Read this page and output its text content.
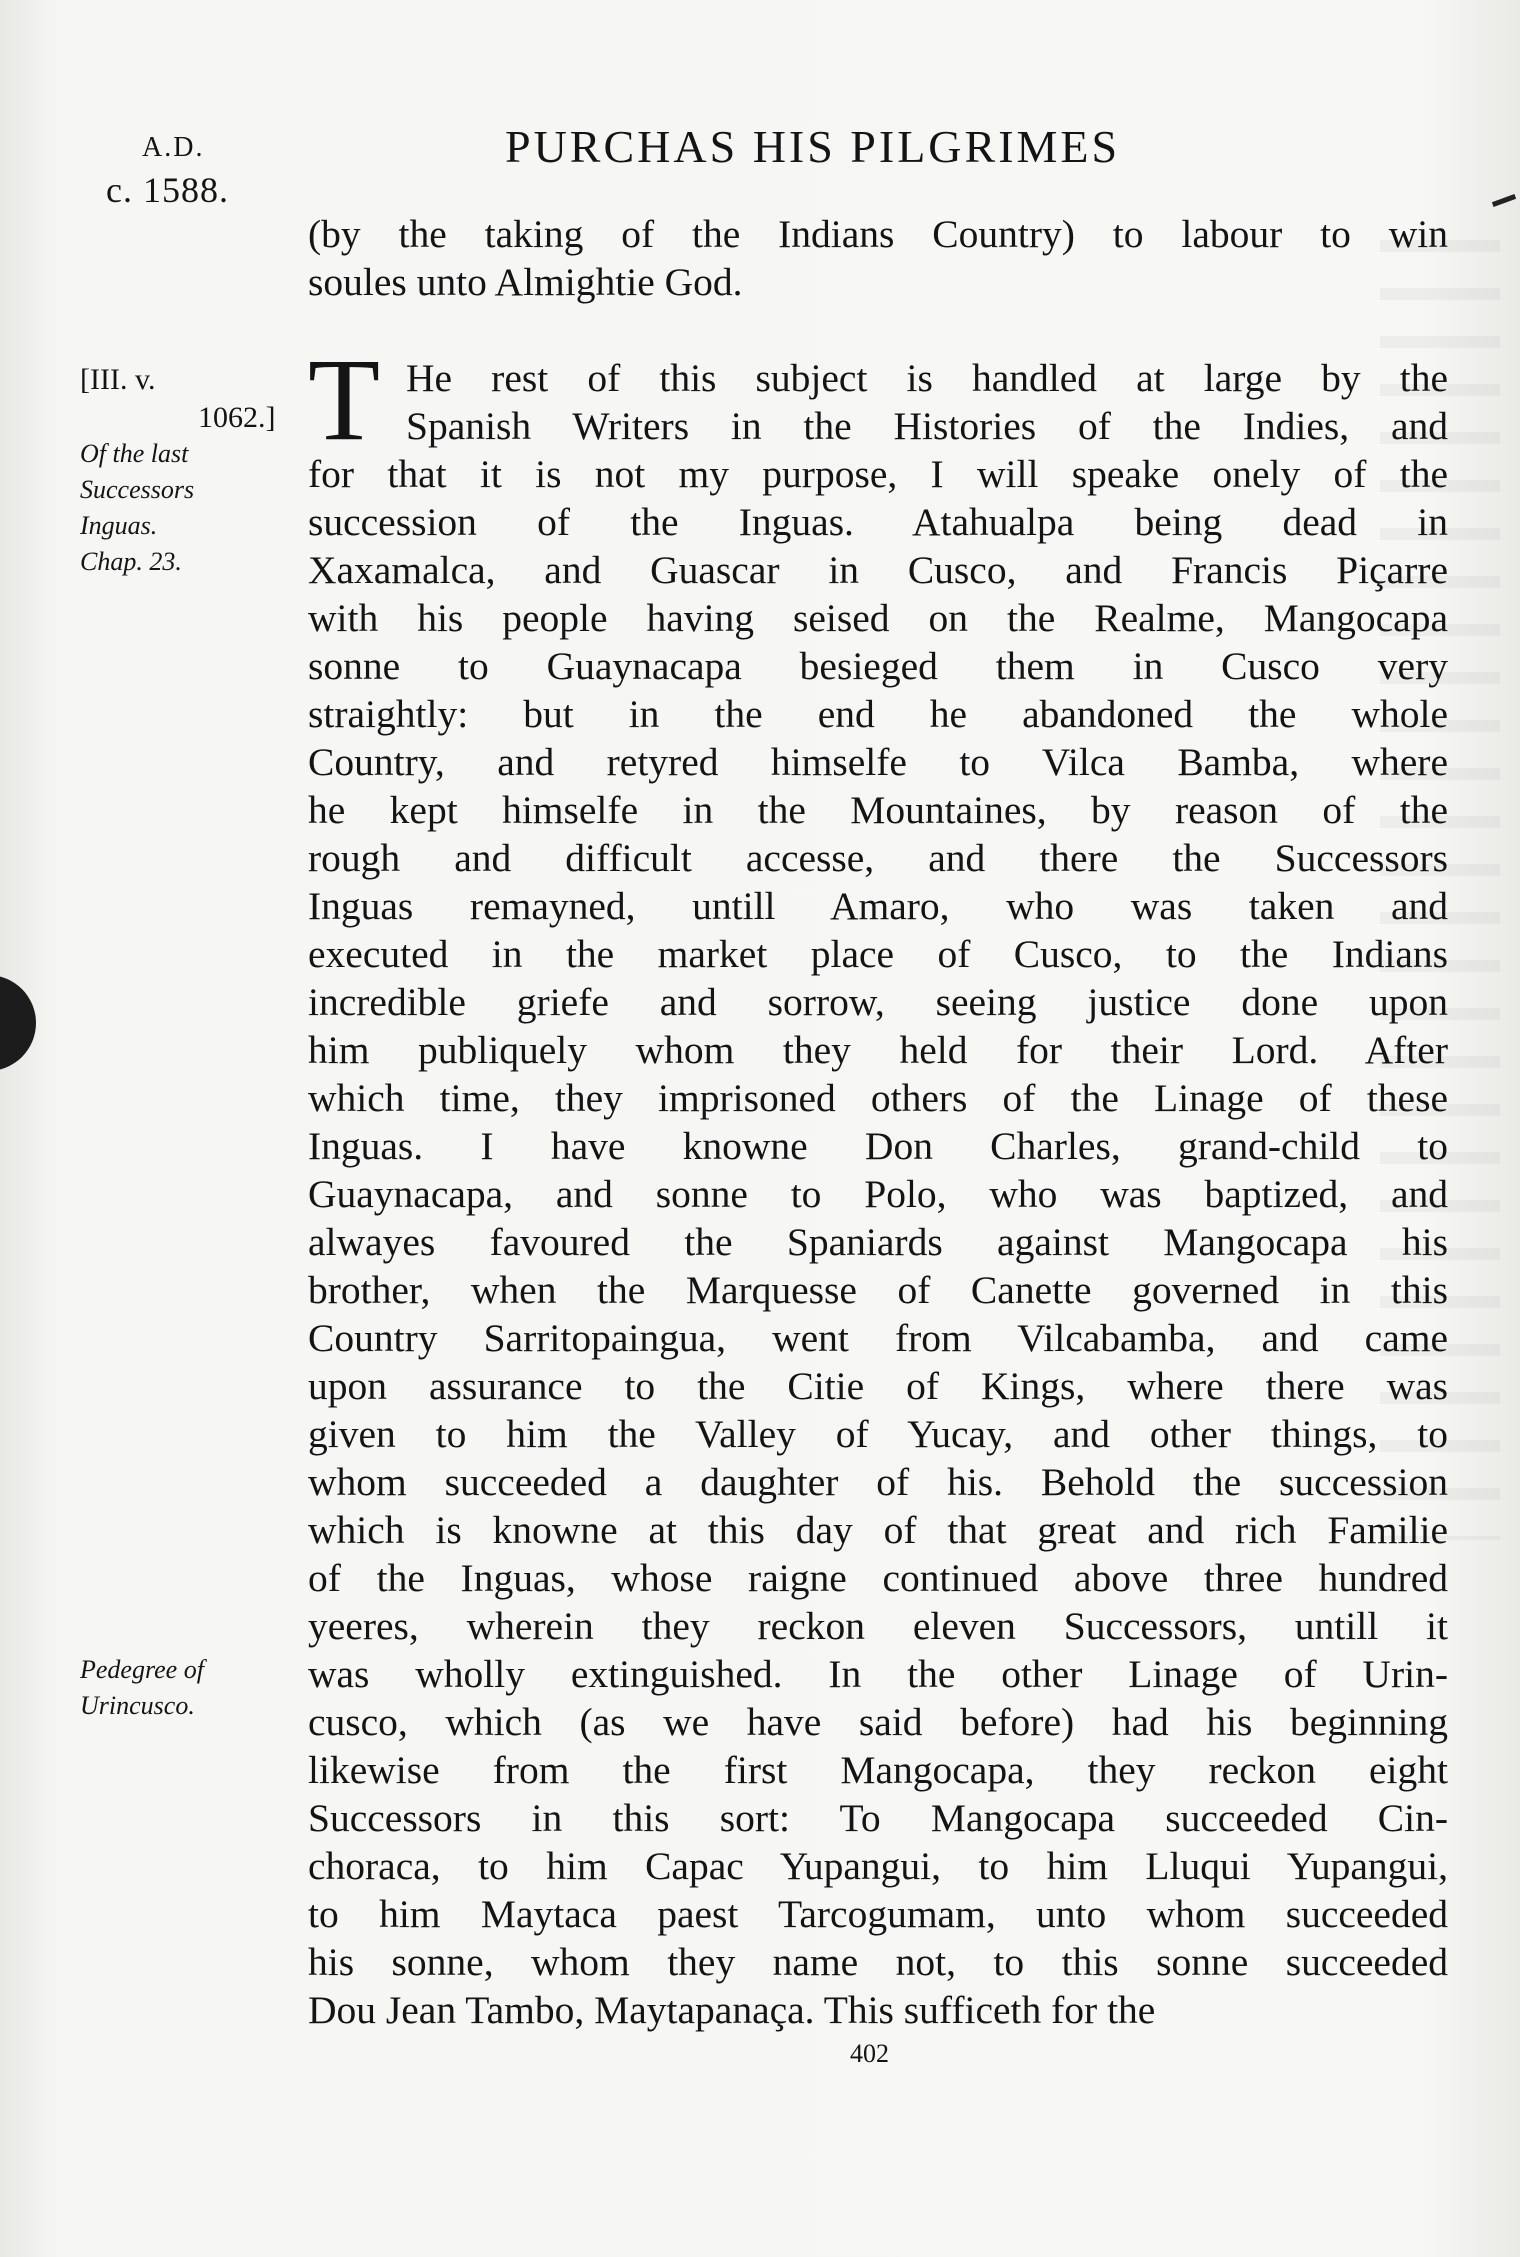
A.D.
c. 1588.
PURCHAS HIS PILGRIMES
(by the taking of the Indians Country) to labour to win
soules unto Almightie God.
[III. v.
1062.]
Of the last
Successors
Inguas.
Chap. 23.
Pedegree of
Urincusco.
T He rest of this subject is handled at large by the
Spanish Writers in the Histories of the Indies, and
for that it is not my purpose, I will speake onely of the
succession of the Inguas. Atahualpa being dead in
Xaxamalca, and Guascar in Cusco, and Francis Piçarre
with his people having seised on the Realme, Mangocapa
sonne to Guaynacapa besieged them in Cusco very
straightly: but in the end he abandoned the whole
Country, and retyred himselfe to Vilca Bamba, where
he kept himselfe in the Mountaines, by reason of the
rough and difficult accesse, and there the Successors
Inguas remayned, untill Amaro, who was taken and
executed in the market place of Cusco, to the Indians
incredible griefe and sorrow, seeing justice done upon
him publiquely whom they held for their Lord. After
which time, they imprisoned others of the Linage of these
Inguas. I have knowne Don Charles, grand-child to
Guaynacapa, and sonne to Polo, who was baptized, and
alwayes favoured the Spaniards against Mangocapa his
brother, when the Marquesse of Canette governed in this
Country Sarritopaingua, went from Vilcabamba, and came
upon assurance to the Citie of Kings, where there was
given to him the Valley of Yucay, and other things, to
whom succeeded a daughter of his. Behold the succession
which is knowne at this day of that great and rich Familie
of the Inguas, whose raigne continued above three hundred
yeeres, wherein they reckon eleven Successors, untill it
was wholly extinguished. In the other Linage of Urin-
cusco, which (as we have said before) had his beginning
likewise from the first Mangocapa, they reckon eight
Successors in this sort: To Mangocapa succeeded Cin-
choraca, to him Capac Yupangui, to him Lluqui Yupangui,
to him Maytaca paest Tarcogumam, unto whom succeeded
his sonne, whom they name not, to this sonne succeeded
Dou Jean Tambo, Maytapanaça. This sufficeth for the
402
